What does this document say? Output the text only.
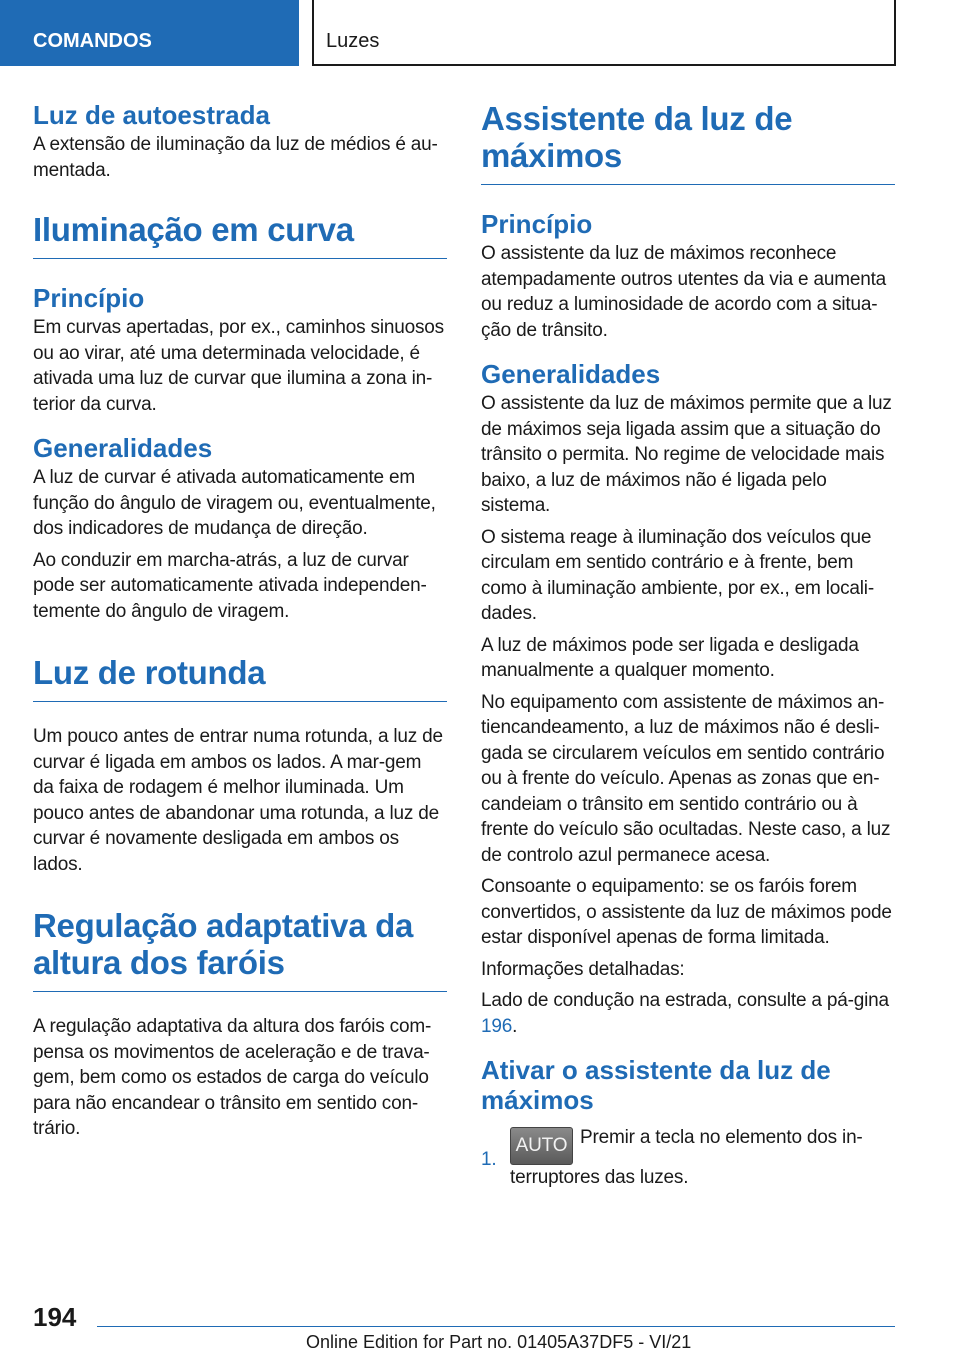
COMANDOS	Luzes
Luz de autoestrada
A extensão de iluminação da luz de médios é au-mentada.
Iluminação em curva
Princípio
Em curvas apertadas, por ex., caminhos sinuosos ou ao virar, até uma determinada velocidade, é ativada uma luz de curvar que ilumina a zona in-terior da curva.
Generalidades
A luz de curvar é ativada automaticamente em função do ângulo de viragem ou, eventualmente, dos indicadores de mudança de direção.
Ao conduzir em marcha-atrás, a luz de curvar pode ser automaticamente ativada independen-temente do ângulo de viragem.
Luz de rotunda
Um pouco antes de entrar numa rotunda, a luz de curvar é ligada em ambos os lados. A mar-gem da faixa de rodagem é melhor iluminada. Um pouco antes de abandonar uma rotunda, a luz de curvar é novamente desligada em ambos os lados.
Regulação adaptativa da altura dos faróis
A regulação adaptativa da altura dos faróis com-pensa os movimentos de aceleração e de trava-gem, bem como os estados de carga do veículo para não encandear o trânsito em sentido con-trário.
Assistente da luz de máximos
Princípio
O assistente da luz de máximos reconhece atempadamente outros utentes da via e aumenta ou reduz a luminosidade de acordo com a situa-ção de trânsito.
Generalidades
O assistente da luz de máximos permite que a luz de máximos seja ligada assim que a situação do trânsito o permita. No regime de velocidade mais baixo, a luz de máximos não é ligada pelo sistema.
O sistema reage à iluminação dos veículos que circulam em sentido contrário e à frente, bem como à iluminação ambiente, por ex., em locali-dades.
A luz de máximos pode ser ligada e desligada manualmente a qualquer momento.
No equipamento com assistente de máximos an-tiencandeamento, a luz de máximos não é desli-gada se circularem veículos em sentido contrário ou à frente do veículo. Apenas as zonas que en-candeiam o trânsito em sentido contrário ou à frente do veículo são ocultadas. Neste caso, a luz de controlo azul permanece acesa.
Consoante o equipamento: se os faróis forem convertidos, o assistente da luz de máximos pode estar disponível apenas de forma limitada.
Informações detalhadas:
Lado de condução na estrada, consulte a pá-gina 196.
Ativar o assistente da luz de máximos
1.
AUTO Premir a tecla no elemento dos in-terruptores das luzes.
194
Online Edition for Part no. 01405A37DF5 - VI/21
